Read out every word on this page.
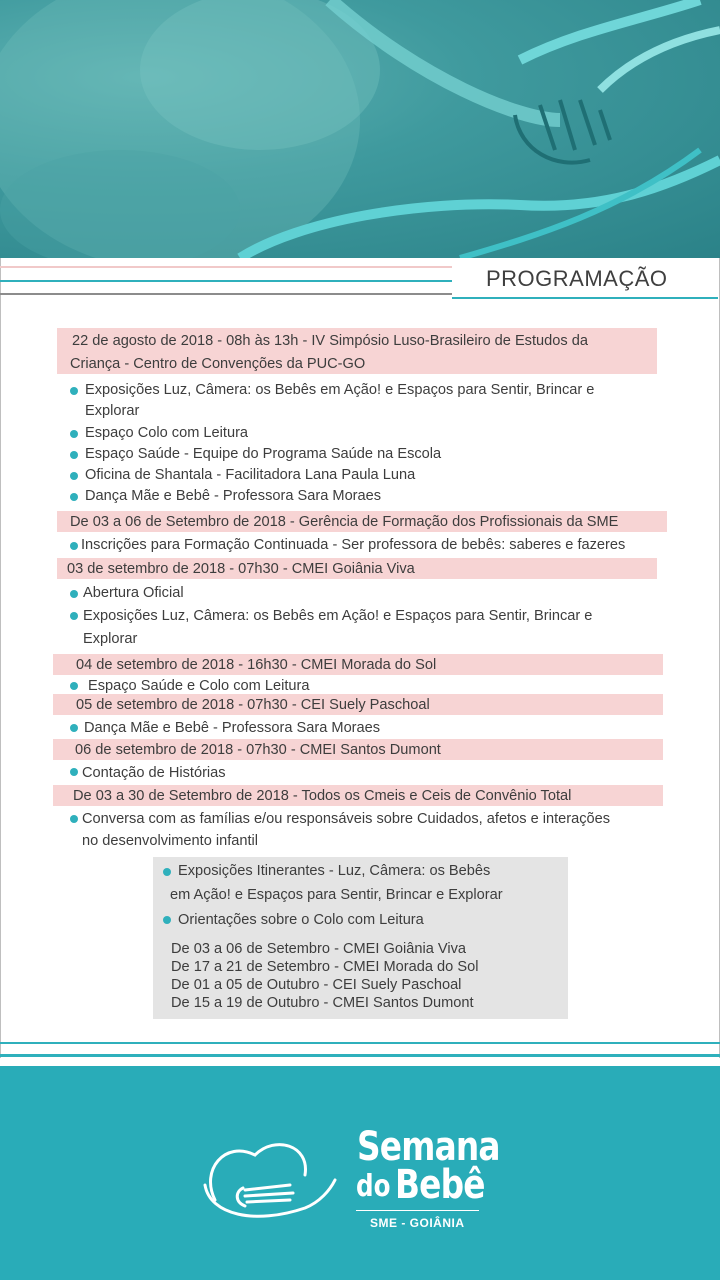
PROGRAMAÇÃO
22 de agosto de 2018 - 08h às 13h - IV Simpósio Luso-Brasileiro de Estudos da
Criança - Centro de Convenções da PUC-GO
Exposições Luz, Câmera: os Bebês em Ação! e Espaços para Sentir, Brincar e
Explorar
Espaço Colo com Leitura
Espaço Saúde - Equipe do Programa Saúde na Escola
Oficina de Shantala - Facilitadora Lana Paula Luna
Dança Mãe e Bebê - Professora Sara Moraes
De 03 a 06 de Setembro de 2018 - Gerência de Formação dos Profissionais da SME
Inscrições para Formação Continuada - Ser professora de bebês: saberes e fazeres
03 de setembro de 2018 - 07h30 - CMEI Goiânia Viva
Abertura Oficial
Exposições Luz, Câmera: os Bebês em Ação! e Espaços para Sentir, Brincar e
Explorar
04 de setembro de 2018 - 16h30 - CMEI Morada do Sol
Espaço Saúde e Colo com Leitura
05 de setembro de 2018 - 07h30 - CEI Suely Paschoal
Dança Mãe e Bebê - Professora Sara Moraes
06 de setembro de 2018 - 07h30 - CMEI Santos Dumont
Contação de Histórias
De 03 a 30 de Setembro de 2018 - Todos os Cmeis e Ceis de Convênio Total
Conversa com as famílias e/ou responsáveis sobre Cuidados, afetos e interações
no desenvolvimento infantil
Exposições Itinerantes - Luz, Câmera: os Bebês
em Ação! e Espaços para Sentir, Brincar e Explorar
Orientações sobre o Colo com Leitura
De 03 a 06 de Setembro - CMEI Goiânia Viva
De 17 a 21 de Setembro - CMEI Morada do Sol
De 01 a 05 de Outubro - CEI Suely Paschoal
De 15 a 19 de Outubro - CMEI Santos Dumont
Semana
do Bebê
SME - GOIÂNIA
